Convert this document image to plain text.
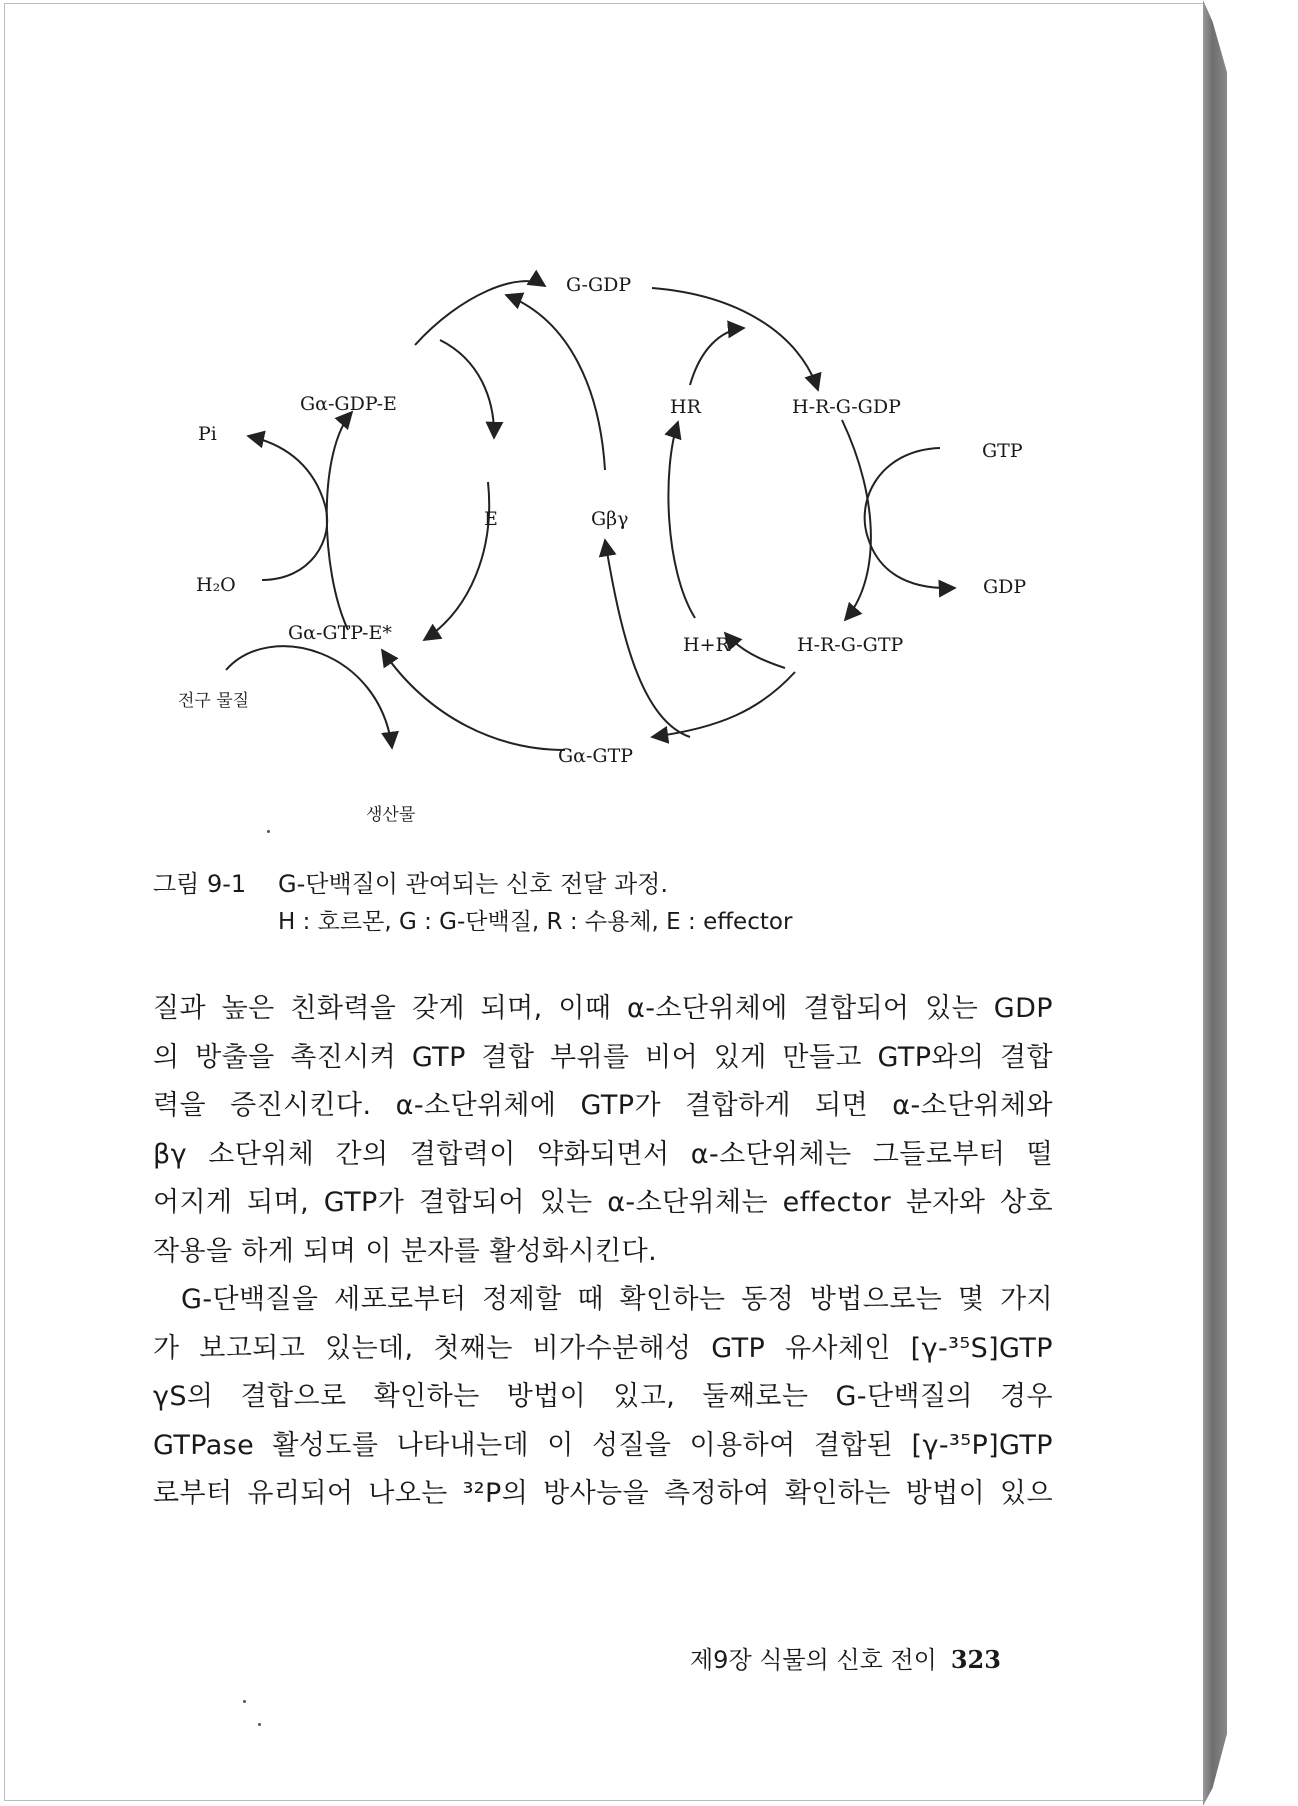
G-GDP
Gα-GDP-E
Pi
E	Gβγ
HR	H-R-G-GDP
GTP
GDP
H₂O
Gα-GTP-E*
H+R	H-R-G-GTP
전구 물질
Gα-GTP
생산물
그림 9-1 G-단백질이 관여되는 신호 전달 과정.
H : 호르몬, G : G-단백질, R : 수용체, E : effector

질과 높은 친화력을 갖게 되며, 이때 α-소단위체에 결합되어 있는 GDP

의 방출을 촉진시켜 GTP 결합 부위를 비어 있게 만들고 GTP와의 결합

력을 증진시킨다. α-소단위체에 GTP가 결합하게 되면 α-소단위체와

βγ 소단위체 간의 결합력이 약화되면서 α-소단위체는 그들로부터 떨

어지게 되며, GTP가 결합되어 있는 α-소단위체는 effector 분자와 상호

작용을 하게 되며 이 분자를 활성화시킨다.

G-단백질을 세포로부터 정제할 때 확인하는 동정 방법으로는 몇 가지

가 보고되고 있는데, 첫째는 비가수분해성 GTP 유사체인 [γ-³⁵S]GTP

γS의 결합으로 확인하는 방법이 있고, 둘째로는 G-단백질의 경우

GTPase 활성도를 나타내는데 이 성질을 이용하여 결합된 [γ-³⁵P]GTP

로부터 유리되어 나오는 ³²P의 방사능을 측정하여 확인하는 방법이 있으

제9장 식물의 신호 전이 323
